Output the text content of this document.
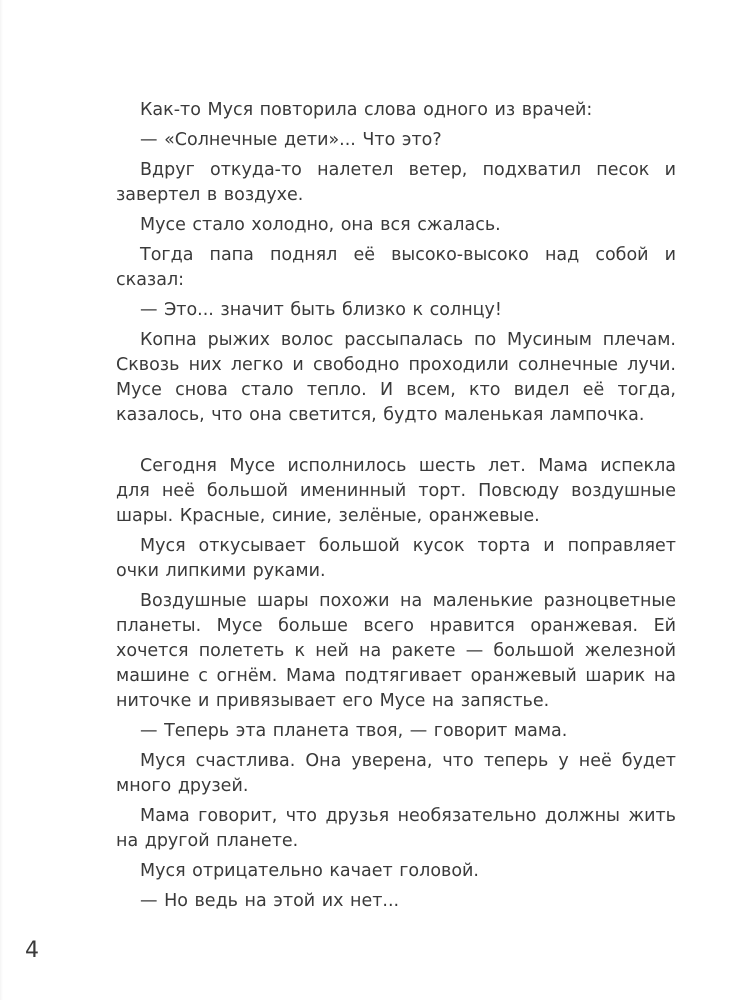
Как-то Муся повторила слова одного из врачей:

— «Солнечные дети»... Что это?

Вдруг откуда-то налетел ветер, подхватил песок и завертел в воздухе.

Мусе стало холодно, она вся сжалась.

Тогда папа поднял её высоко-высоко над собой и сказал:

— Это... значит быть близко к солнцу!

Копна рыжих волос рассыпалась по Мусиным плечам. Сквозь них легко и свободно проходили солнечные лучи. Мусе снова стало тепло. И всем, кто видел её тогда, казалось, что она светится, будто маленькая лампочка.

Сегодня Мусе исполнилось шесть лет. Мама испекла для неё большой именинный торт. Повсюду воздушные шары. Красные, синие, зелёные, оранжевые.

Муся откусывает большой кусок торта и поправляет очки липкими руками.

Воздушные шары похожи на маленькие разноцветные планеты. Мусе больше всего нравится оранжевая. Ей хочется полететь к ней на ракете — большой железной машине с огнём. Мама подтягивает оранжевый шарик на ниточке и привязывает его Мусе на запястье.

— Теперь эта планета твоя, — говорит мама.

Муся счастлива. Она уверена, что теперь у неё будет много друзей.

Мама говорит, что друзья необязательно должны жить на другой планете.

Муся отрицательно качает головой.

— Но ведь на этой их нет...

4
